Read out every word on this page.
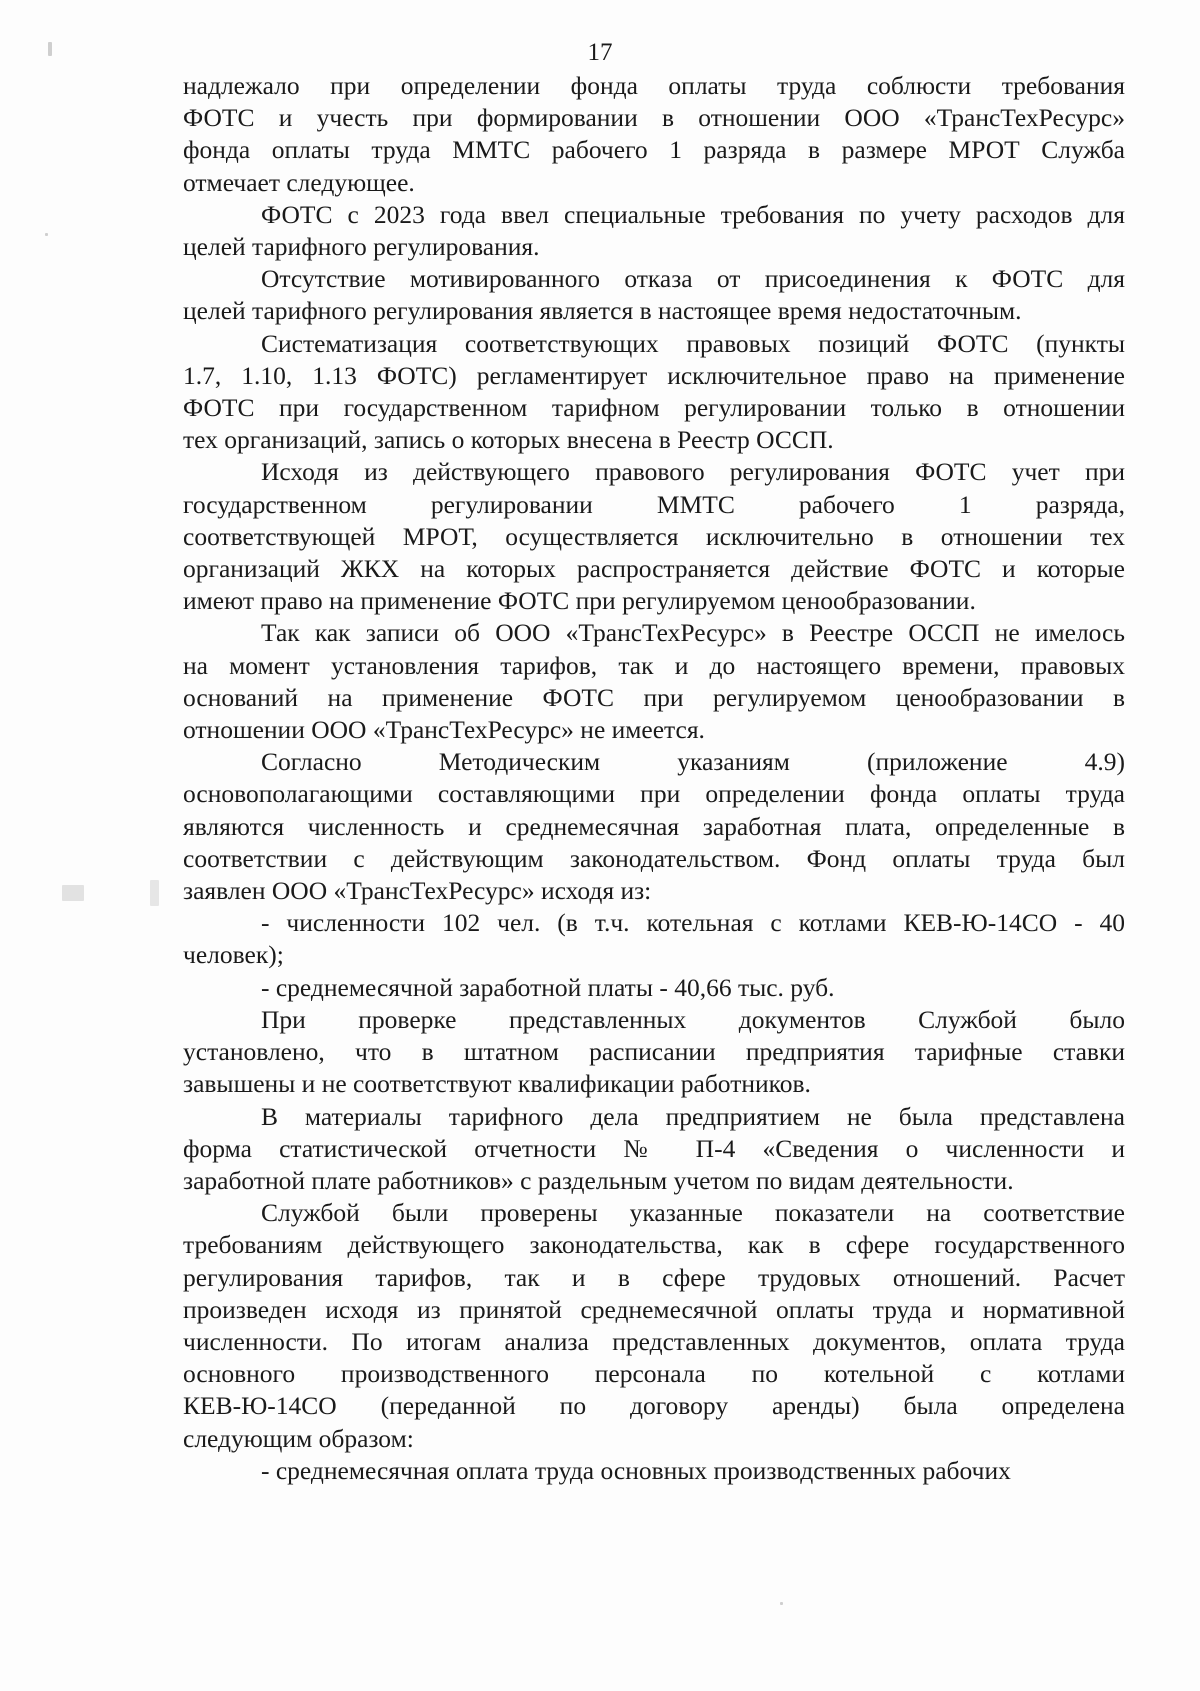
17
надлежало при определении фонда оплаты труда соблюсти требования
ФОТС и учесть при формировании в отношении ООО «ТрансТехРесурс»
фонда оплаты труда ММТС рабочего 1 разряда в размере МРОТ Служба
отмечает следующее.
ФОТС с 2023 года ввел специальные требования по учету расходов для
целей тарифного регулирования.
Отсутствие мотивированного отказа от присоединения к ФОТС для
целей тарифного регулирования является в настоящее время недостаточным.
Систематизация соответствующих правовых позиций ФОТС (пункты
1.7, 1.10, 1.13 ФОТС) регламентирует исключительное право на применение
ФОТС при государственном тарифном регулировании только в отношении
тех организаций, запись о которых внесена в Реестр ОССП.
Исходя из действующего правового регулирования ФОТС учет при
государственном регулировании ММТС рабочего 1 разряда,
соответствующей МРОТ, осуществляется исключительно в отношении тех
организаций ЖКХ на которых распространяется действие ФОТС и которые
имеют право на применение ФОТС при регулируемом ценообразовании.
Так как записи об ООО «ТрансТехРесурс» в Реестре ОССП не имелось
на момент установления тарифов, так и до настоящего времени, правовых
оснований на применение ФОТС при регулируемом ценообразовании в
отношении ООО «ТрансТехРесурс» не имеется.
Согласно Методическим указаниям (приложение 4.9)
основополагающими составляющими при определении фонда оплаты труда
являются численность и среднемесячная заработная плата, определенные в
соответствии с действующим законодательством. Фонд оплаты труда был
заявлен ООО «ТрансТехРесурс» исходя из:
- численности 102 чел. (в т.ч. котельная с котлами КЕВ-Ю-14СО - 40
человек);
- среднемесячной заработной платы - 40,66 тыс. руб.
При проверке представленных документов Службой было
установлено, что в штатном расписании предприятия тарифные ставки
завышены и не соответствуют квалификации работников.
В материалы тарифного дела предприятием не была представлена
форма статистической отчетности № П-4 «Сведения о численности и
заработной плате работников» с раздельным учетом по видам деятельности.
Службой были проверены указанные показатели на соответствие
требованиям действующего законодательства, как в сфере государственного
регулирования тарифов, так и в сфере трудовых отношений. Расчет
произведен исходя из принятой среднемесячной оплаты труда и нормативной
численности. По итогам анализа представленных документов, оплата труда
основного производственного персонала по котельной с котлами
КЕВ-Ю-14СО (переданной по договору аренды) была определена
следующим образом:
- среднемесячная оплата труда основных производственных рабочих
